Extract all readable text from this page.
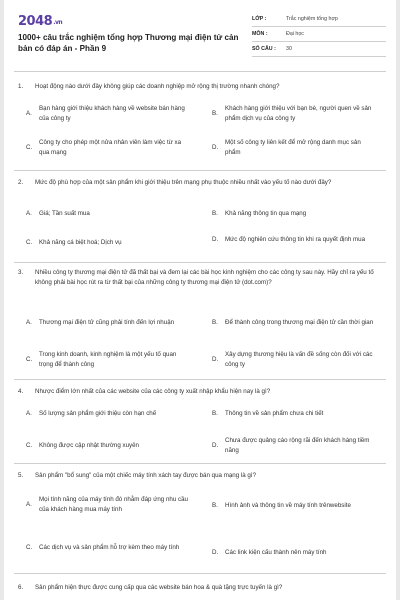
2048.vn
1000+ câu trắc nghiệm tổng hợp Thương mại điện tử cản bản có đáp án - Phần 9
LỚP :	Trắc nghiệm tổng hợp
MÔN :	Đại học
SỐ CÂU :	30
1.	Hoạt động nào dưới đây không giúp các doanh nghiệp mở rộng thị trường nhanh chóng?
A.
Bạn hàng giới thiệu khách hàng về website bán hàng của công ty
B.
Khách hàng giới thiệu với bạn bè, người quen về sản phẩm dịch vụ của công ty
C.
Công ty cho phép một nửa nhân viên làm việc từ xa qua mạng
D.
Một số công ty liên kết để mở rộng danh mục sản phẩm
2.	Mức độ phù hợp của một sản phẩm khi giới thiệu trên mạng phụ thuộc nhiều nhất vào yếu tố nào dưới đây?
A.	Giá; Tần suất mua	B.	Khả năng thông tin qua mạng
C.	Khả năng cá biệt hoá; Dịch vụ	D.	Mức độ nghiên cứu thông tin khi ra quyết định mua
3.	Nhiều công ty thương mại điện tử đã thất bại và đem lại các bài học kinh nghiệm cho các công ty sau này. Hãy chỉ ra yếu tố không phải bài học rút ra từ thất bại của những công ty thương mại điện tử (dot.com)?
A.	Thương mại điện tử cũng phải tính đến lợi nhuận	B.	Để thành công trong thương mại điện tử cần thời gian
C.
Trong kinh doanh, kinh nghiệm là một yếu tố quan trọng để thành công
D.
Xây dựng thương hiệu là vấn đề sống còn đối với các công ty
4.	Nhược điểm lớn nhất của các website của các công ty xuất nhập khẩu hiện nay là gì?
A.	Số lượng sản phẩm giới thiệu còn hạn chế	B.	Thông tin về sản phẩm chưa chi tiết
C.	Không được cập nhật thường xuyên	D.
Chưa được quảng cáo rộng rãi đến khách hàng tiềm năng
5.	Sản phẩm "bổ sung" của một chiếc máy tính xách tay được bán qua mạng là gì?
A.
Mọi tính năng của máy tính đó nhằm đáp ứng nhu cầu của khách hàng mua máy tính
B.	Hình ảnh và thông tin về máy tính trênwebsite
C.	Các dịch vụ và sản phẩm hỗ trợ kèm theo máy tính
D.	Các link kiện cấu thành nên máy tính
6.	Sản phẩm hiện thực được cung cấp qua các website bán hoa & quà tặng trực tuyến là gì?
